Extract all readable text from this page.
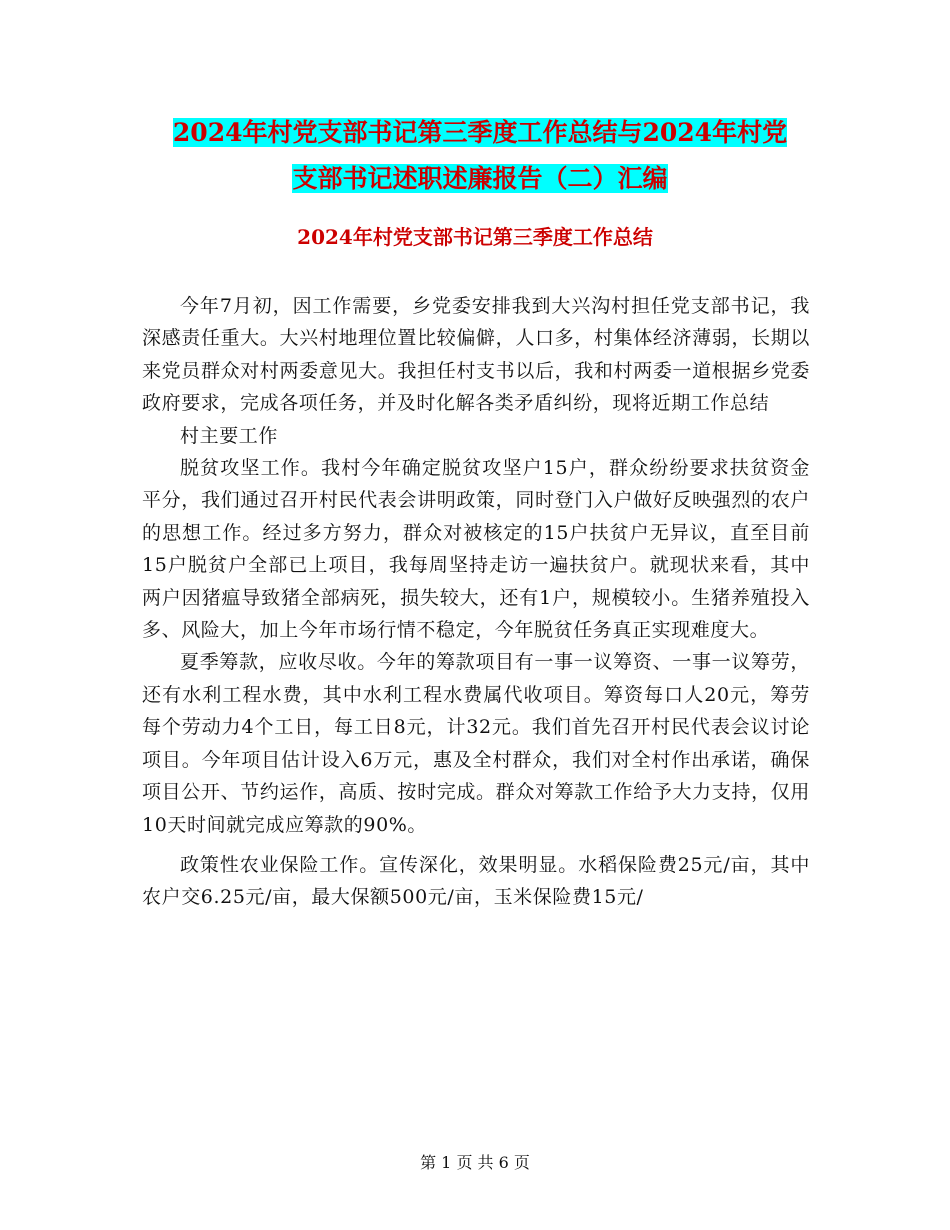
2024年村党支部书记第三季度工作总结与2024年村党
支部书记述职述廉报告（二）汇编
2024年村党支部书记第三季度工作总结

今年7月初，因工作需要，乡党委安排我到大兴沟村担任党支部书记，我深感责任重大。大兴村地理位置比较偏僻，人口多，村集体经济薄弱，长期以来党员群众对村两委意见大。我担任村支书以后，我和村两委一道根据乡党委政府要求，完成各项任务，并及时化解各类矛盾纠纷，现将近期工作总结

村主要工作

脱贫攻坚工作。我村今年确定脱贫攻坚户15户，群众纷纷要求扶贫资金平分，我们通过召开村民代表会讲明政策，同时登门入户做好反映强烈的农户的思想工作。经过多方努力，群众对被核定的15户扶贫户无异议，直至目前15户脱贫户全部已上项目，我每周坚持走访一遍扶贫户。就现状来看，其中两户因猪瘟导致猪全部病死，损失较大，还有1户，规模较小。生猪养殖投入多、风险大，加上今年市场行情不稳定，今年脱贫任务真正实现难度大。

夏季筹款，应收尽收。今年的筹款项目有一事一议筹资、一事一议筹劳，还有水利工程水费，其中水利工程水费属代收项目。筹资每口人20元，筹劳每个劳动力4个工日，每工日8元，计32元。我们首先召开村民代表会议讨论项目。今年项目估计设入6万元，惠及全村群众，我们对全村作出承诺，确保项目公开、节约运作，高质、按时完成。群众对筹款工作给予大力支持，仅用10天时间就完成应筹款的90%。

政策性农业保险工作。宣传深化，效果明显。水稻保险费25元/亩，其中农户交6.25元/亩，最大保额500元/亩，玉米保险费15元/

第 1 页 共 6 页
